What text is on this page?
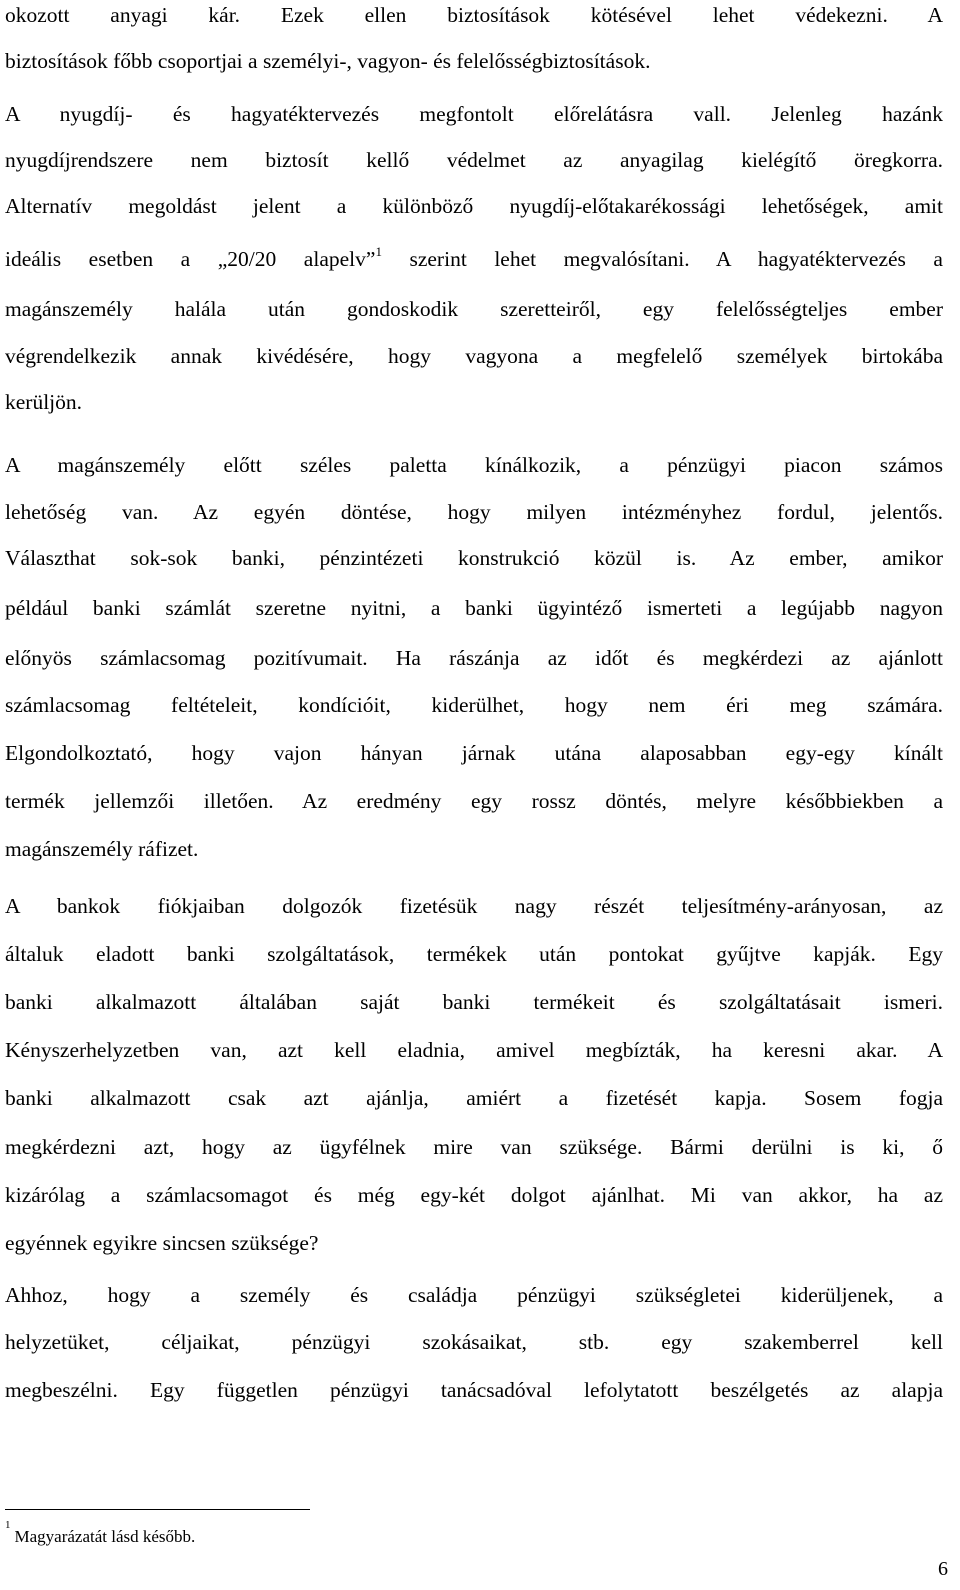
okozott anyagi kár. Ezek ellen biztosítások kötésével lehet védekezni. A
biztosítások főbb csoportjai a személyi-, vagyon- és felelősségbiztosítások.
A nyugdíj- és hagyatéktervezés megfontolt előrelátásra vall. Jelenleg hazánk
nyugdíjrendszere nem biztosít kellő védelmet az anyagilag kielégítő öregkorra.
Alternatív megoldást jelent a különböző nyugdíj-előtakarékossági lehetőségek, amit
ideális esetben a „20/20 alapelv”$^1$ szerint lehet megvalósítani. A hagyatéktervezés a
magánszemély halála után gondoskodik szeretteiről, egy felelősségteljes ember
végrendelkezik annak kivédésére, hogy vagyona a megfelelő személyek birtokába
kerüljön.
A magánszemély előtt széles paletta kínálkozik, a pénzügyi piacon számos
lehetőség van. Az egyén döntése, hogy milyen intézményhez fordul, jelentős.
Választhat sok-sok banki, pénzintézeti konstrukció közül is. Az ember, amikor
például banki számlát szeretne nyitni, a banki ügyintéző ismerteti a legújabb nagyon
előnyös számlacsomag pozitívumait. Ha rászánja az időt és megkérdezi az ajánlott
számlacsomag feltételeit, kondícióit, kiderülhet, hogy nem éri meg számára.
Elgondolkoztató, hogy vajon hányan járnak utána alaposabban egy-egy kínált
termék jellemzői illetően. Az eredmény egy rossz döntés, melyre későbbiekben a
magánszemély ráfizet.
A bankok fiókjaiban dolgozók fizetésük nagy részét teljesítmény-arányosan, az
általuk eladott banki szolgáltatások, termékek után pontokat gyűjtve kapják. Egy
banki alkalmazott általában saját banki termékeit és szolgáltatásait ismeri.
Kényszerhelyzetben van, azt kell eladnia, amivel megbízták, ha keresni akar. A
banki alkalmazott csak azt ajánlja, amiért a fizetését kapja. Sosem fogja
megkérdezni azt, hogy az ügyfélnek mire van szüksége. Bármi derülni is ki, ő
kizárólag a számlacsomagot és még egy-két dolgot ajánlhat. Mi van akkor, ha az
egyénnek egyikre sincsen szüksége?
Ahhoz, hogy a személy és családja pénzügyi szükségletei kiderüljenek, a
helyzetüket, céljaikat, pénzügyi szokásaikat, stb. egy szakemberrel kell
megbeszélni. Egy független pénzügyi tanácsadóval lefolytatott beszélgetés az alapja
$^1$Magyarázatát lásd később.
6
